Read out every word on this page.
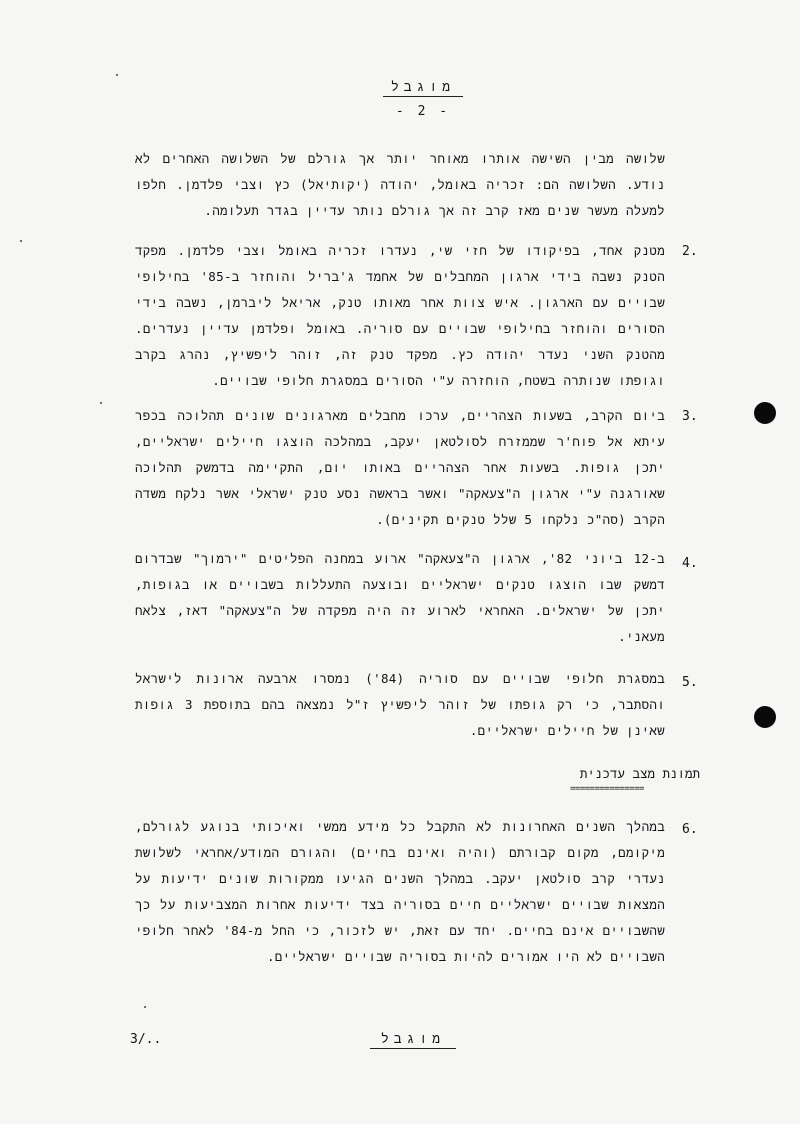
מוגבל
- 2 -
שלושה מבין השישה אותרו מאוחר יותר אך גורלם של השלושה האחרים לא נודע. השלושה הם: זכריה באומל, יהודה (יקותיאל) כץ וצבי פלדמן. חלפו למעלה מעשר שנים מאז קרב זה אך גורלם נותר עדיין בגדר תעלומה.
2.
מטנק אחד, בפיקודו של חזי שי, נעדרו זכריה באומל וצבי פלדמן. מפקד הטנק נשבה בידי ארגון המחבלים של אחמד ג'בריל והוחזר ב-85' בחילופי שבויים עם הארגון. איש צוות אחר מאותו טנק, אריאל ליברמן, נשבה בידי הסורים והוחזר בחילופי שבויים עם סוריה. באומל ופלדמן עדיין נעדרים. מהטנק השני נעדר יהודה כץ. מפקד טנק זה, זוהר ליפשיץ, נהרג בקרב וגופתו שנותרה בשטח, הוחזרה ע"י הסורים במסגרת חלופי שבויים.
3.
ביום הקרב, בשעות הצהריים, ערכו מחבלים מארגונים שונים תהלוכה בכפר עיתא אל פוח'ר שממזרח לסולטאן יעקב, במהלכה הוצגו חיילים ישראליים, יתכן גופות. בשעות אחר הצהריים באותו יום, התקיימה בדמשק תהלוכה שאורגנה ע"י ארגון ה"צעאקה" ואשר בראשה נסע טנק ישראלי אשר נלקח משדה הקרב (סה"כ נלקחו 5 שלל טנקים תקינים).
4.
ב-12 ביוני 82', ארגון ה"צעאקה" ארוע במחנה הפליטים "ירמוך" שבדרום דמשק שבו הוצגו טנקים ישראליים ובוצעה התעללות בשבויים או בגופות, יתכן של ישראלים. האחראי לארוע זה היה מפקדה של ה"צעאקה" דאז, צלאח מעאני.
5.
במסגרת חלופי שבויים עם סוריה (84') נמסרו ארבעה ארונות לישראל והסתבר, כי רק גופתו של זוהר ליפשיץ ז"ל נמצאה בהם בתוספת 3 גופות שאינן של חיילים ישראליים.
תמונת מצב עדכנית
===============
6.
במהלך השנים האחרונות לא התקבל כל מידע ממשי ואיכותי בנוגע לגורלם, מיקומם, מקום קבורתם (והיה ואינם בחיים) והגורם המודע/אחראי לשלושת נעדרי קרב סולטאן יעקב. במהלך השנים הגיעו ממקורות שונים ידיעות על המצאות שבויים ישראליים חיים בסוריה בצד ידיעות אחרות המצביעות על כך שהשבויים אינם בחיים. יחד עם זאת, יש לזכור, כי החל מ-84' לאחר חלופי השבויים לא היו אמורים להיות בסוריה שבויים ישראליים.
3/..	מוגבל
